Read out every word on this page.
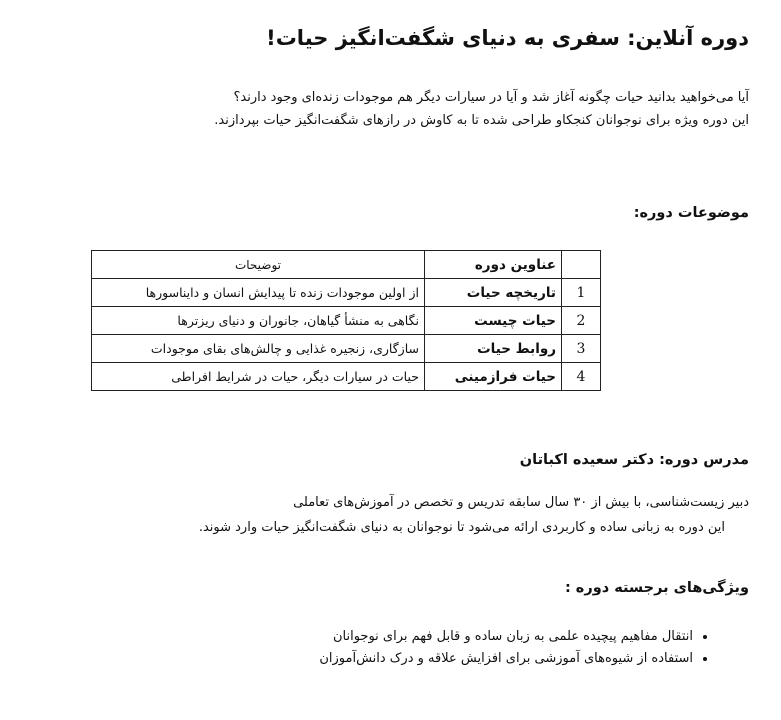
دوره آنلاین: سفری به دنیای شگفت‌انگیز حیات!
آیا می‌خواهید بدانید حیات چگونه آغاز شد و آیا در سیارات دیگر هم موجودات زنده‌ای وجود دارند؟
این دوره ویژه برای نوجوانان کنجکاو طراحی شده تا به کاوش در رازهای شگفت‌انگیز حیات بپردازند.
موضوعات دوره:
	عناوین دوره	توضیحات
1	تاریخچه حیات	از اولین موجودات زنده تا پیدایش انسان و دایناسورها
2	حیات چیست	نگاهی به منشأ گیاهان، جانوران و دنیای ریزترها
3	روابط حیات	سازگاری، زنجیره غذایی و چالش‌های بقای موجودات
4	حیات فرازمینی	حیات در سیارات دیگر، حیات در شرایط افراطی
مدرس دوره: دکتر سعیده اکباتان
دبیر زیست‌شناسی، با بیش از ۳۰ سال سابقه تدریس و تخصص در آموزش‌های تعاملی
این دوره به زبانی ساده و کاربردی ارائه می‌شود تا نوجوانان به دنیای شگفت‌انگیز حیات وارد شوند.
ویژگی‌های برجسته دوره :
• انتقال مفاهیم پیچیده علمی به زبان ساده و قابل فهم برای نوجوانان
• استفاده از شیوه‌های آموزشی برای افزایش علاقه و درک دانش‌آموزان
